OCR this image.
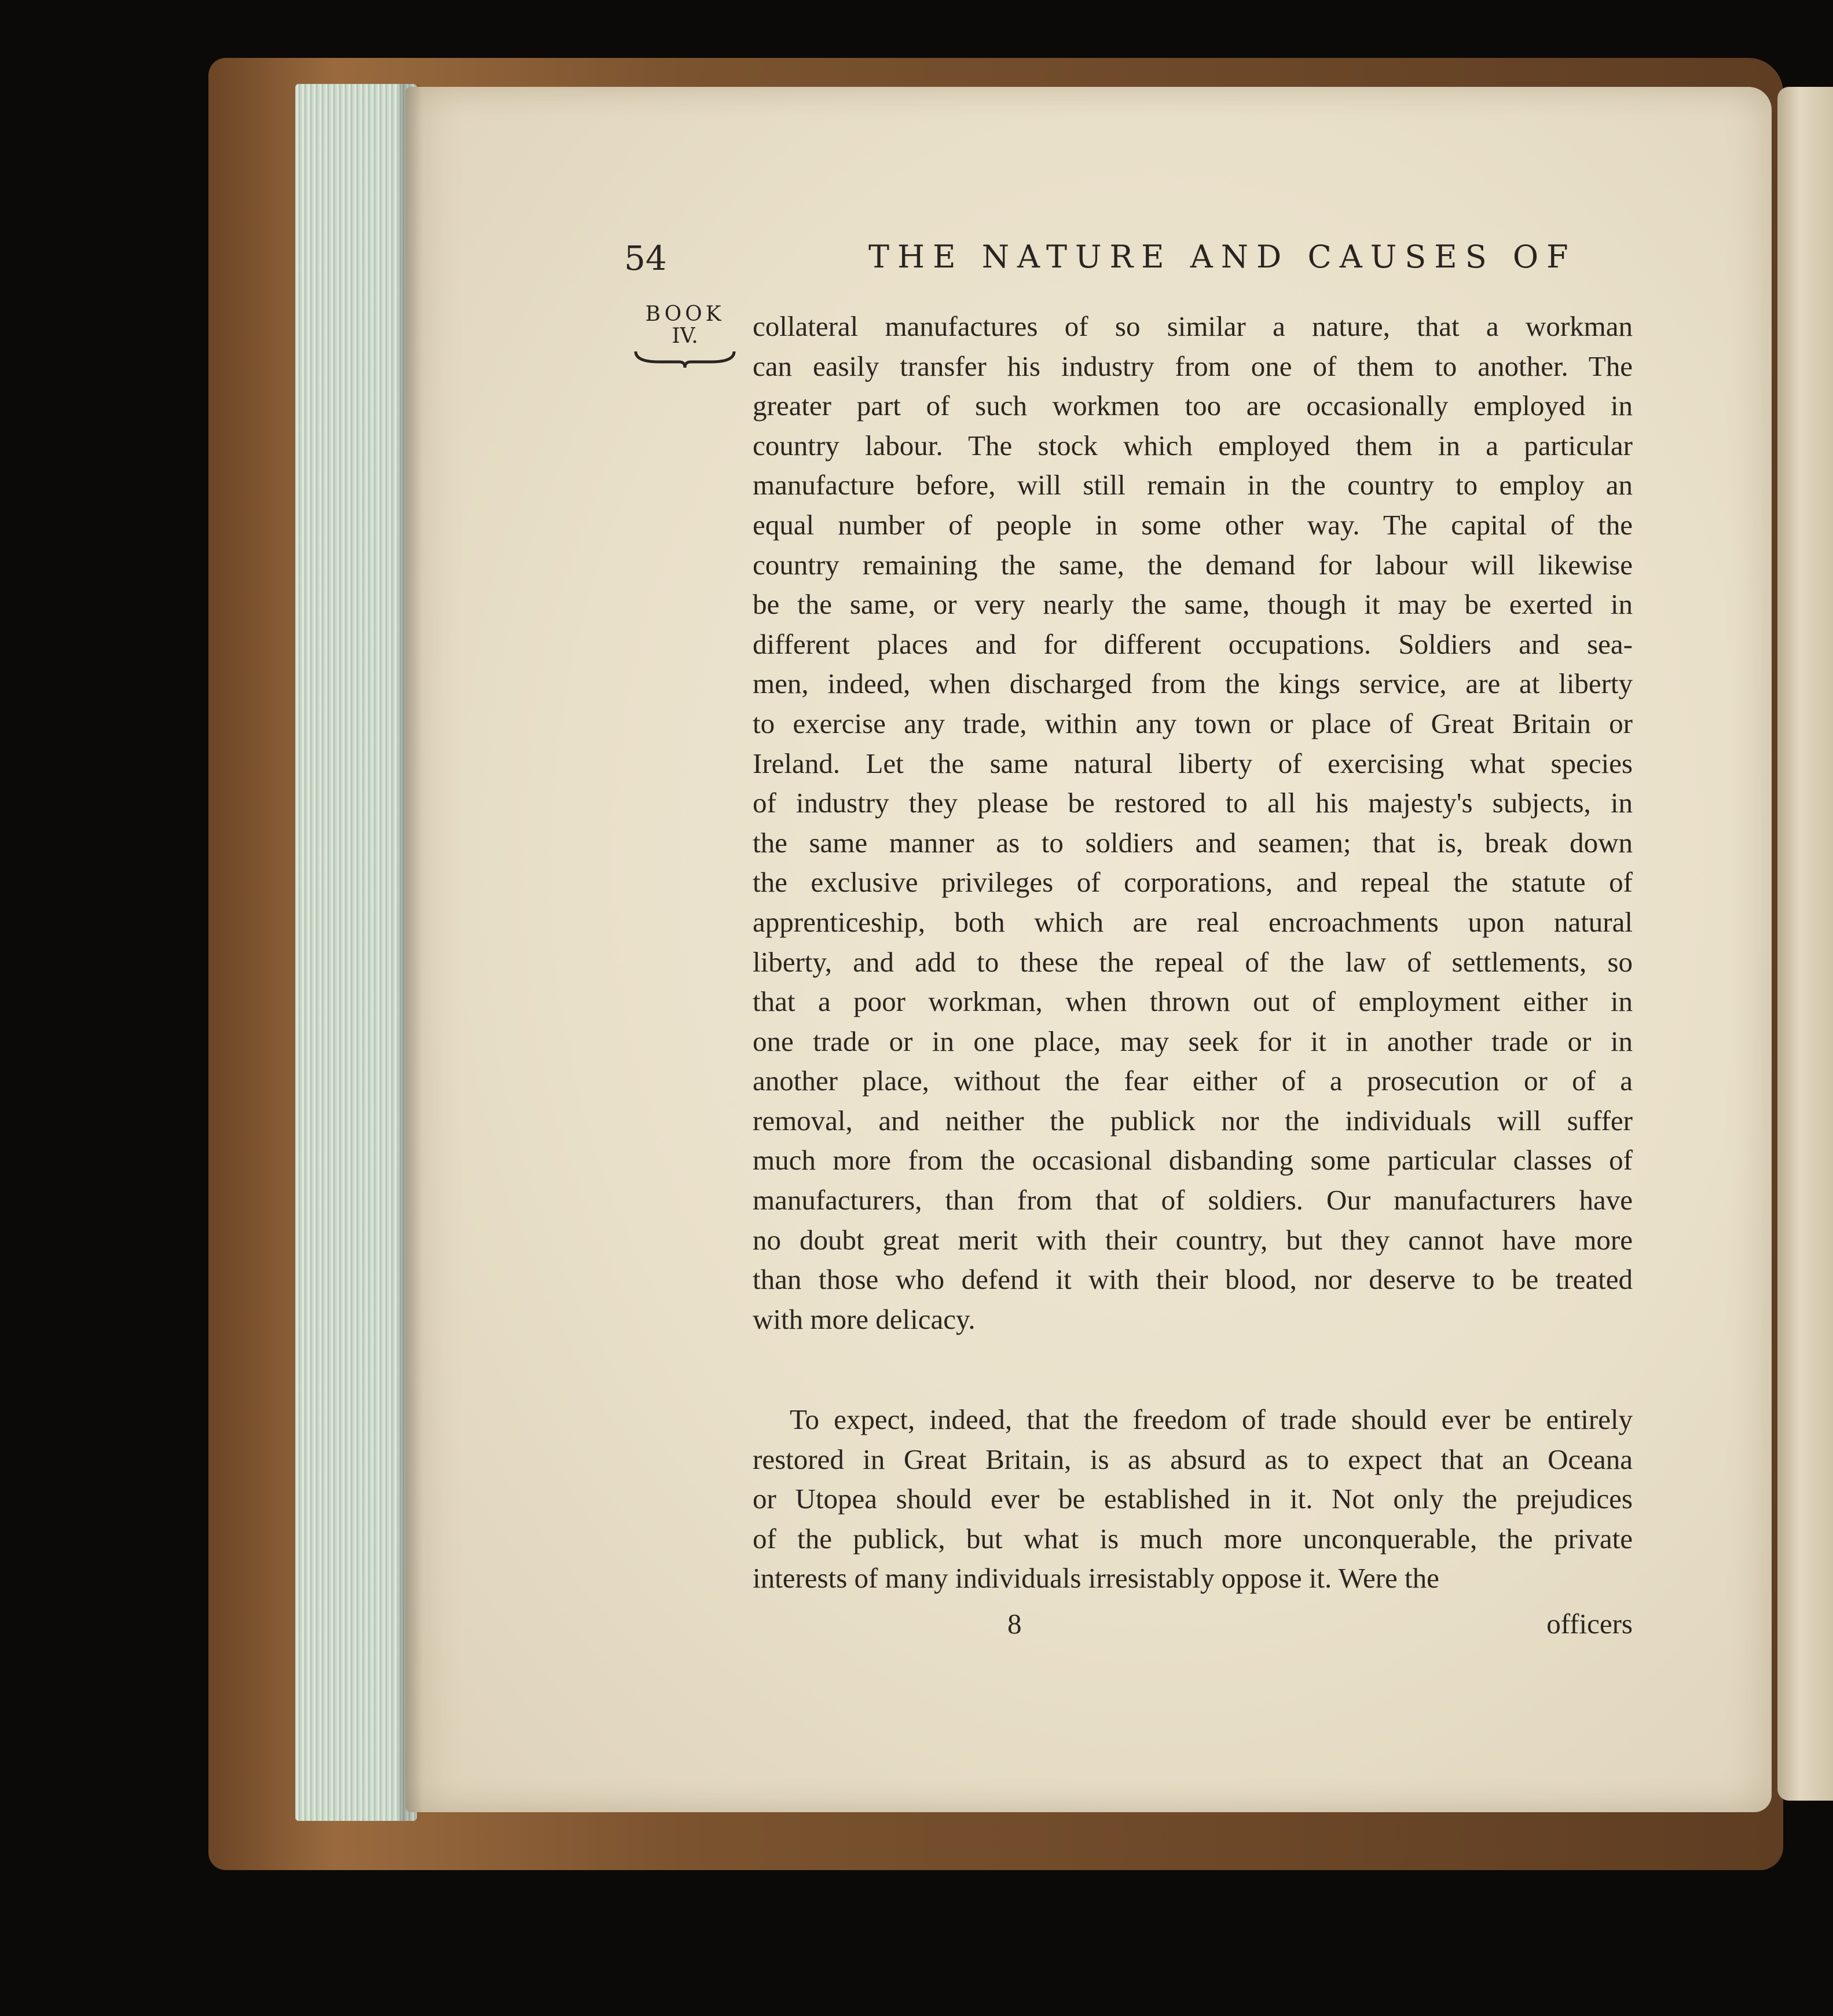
54	THE NATURE AND CAUSES OF
BOOK
IV.	collateral manufactures of so similar a nature, that a workman
can easily transfer his industry from one of them to another. The
greater part of such workmen too are occasionally employed in
country labour. The stock which employed them in a particular
manufacture before, will still remain in the country to employ an
equal number of people in some other way. The capital of the
country remaining the same, the demand for labour will likewise
be the same, or very nearly the same, though it may be exerted in
different places and for different occupations. Soldiers and sea-
men, indeed, when discharged from the kings service, are at liberty
to exercise any trade, within any town or place of Great Britain or
Ireland. Let the same natural liberty of exercising what species
of industry they please be restored to all his majesty's subjects, in
the same manner as to soldiers and seamen; that is, break down
the exclusive privileges of corporations, and repeal the statute of
apprenticeship, both which are real encroachments upon natural
liberty, and add to these the repeal of the law of settlements, so
that a poor workman, when thrown out of employment either in
one trade or in one place, may seek for it in another trade or in
another place, without the fear either of a prosecution or of a
removal, and neither the publick nor the individuals will suffer
much more from the occasional disbanding some particular classes of
manufacturers, than from that of soldiers. Our manufacturers have
no doubt great merit with their country, but they cannot have more
than those who defend it with their blood, nor deserve to be treated
with more delicacy.
To expect, indeed, that the freedom of trade should ever be entirely
restored in Great Britain, is as absurd as to expect that an Oceana
or Utopea should ever be established in it. Not only the prejudices
of the publick, but what is much more unconquerable, the private
interests of many individuals irresistably oppose it. Were the
8	officers
